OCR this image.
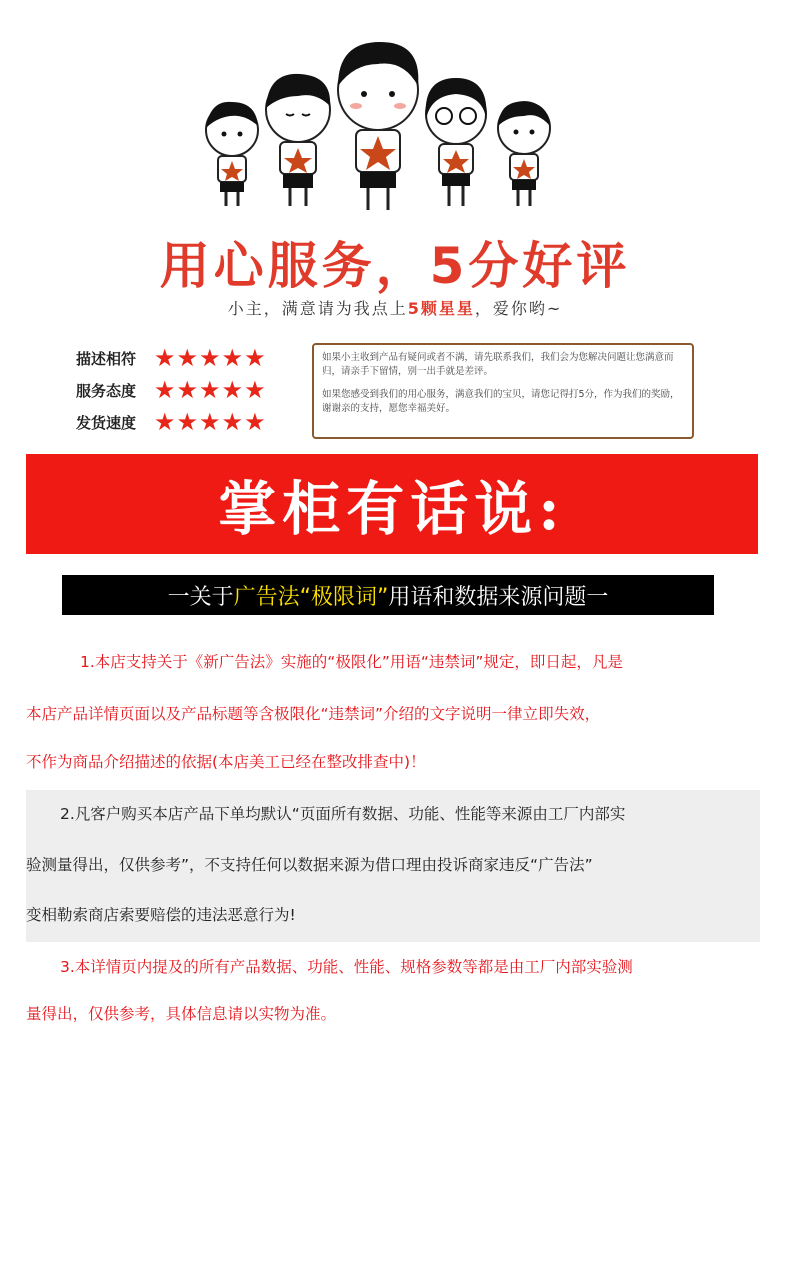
用心服务，5分好评
小主，满意请为我点上5颗星星，爱你哟~
描述相符 ★★★★★
服务态度 ★★★★★
发货速度 ★★★★★

如果小主收到产品有疑问或者不满，请先联系我们，我们会为您解决问题让您满意而归，请亲手下留情，别一出手就是差评。

如果您感受到我们的用心服务，满意我们的宝贝，请您记得打5分，作为我们的奖励，谢谢亲的支持，愿您幸福美好。

掌柜有话说:
一关于 广告法“极限词” 用语和数据来源问题一
1.本店支持关于《新广告法》实施的“极限化”用语“违禁词”规定，即日起，凡是
本店产品详情页面以及产品标题等含极限化“违禁词”介绍的文字说明一律立即失效，
不作为商品介绍描述的依据(本店美工已经在整改排查中)！
2.凡客户购买本店产品下单均默认“页面所有数据、功能、性能等来源由工厂内部实
验测量得出，仅供参考”，不支持任何以数据来源为借口理由投诉商家违反“广告法”
变相勒索商店索要赔偿的违法恶意行为!
3.本详情页内提及的所有产品数据、功能、性能、规格参数等都是由工厂内部实验测
量得出，仅供参考，具体信息请以实物为准。
